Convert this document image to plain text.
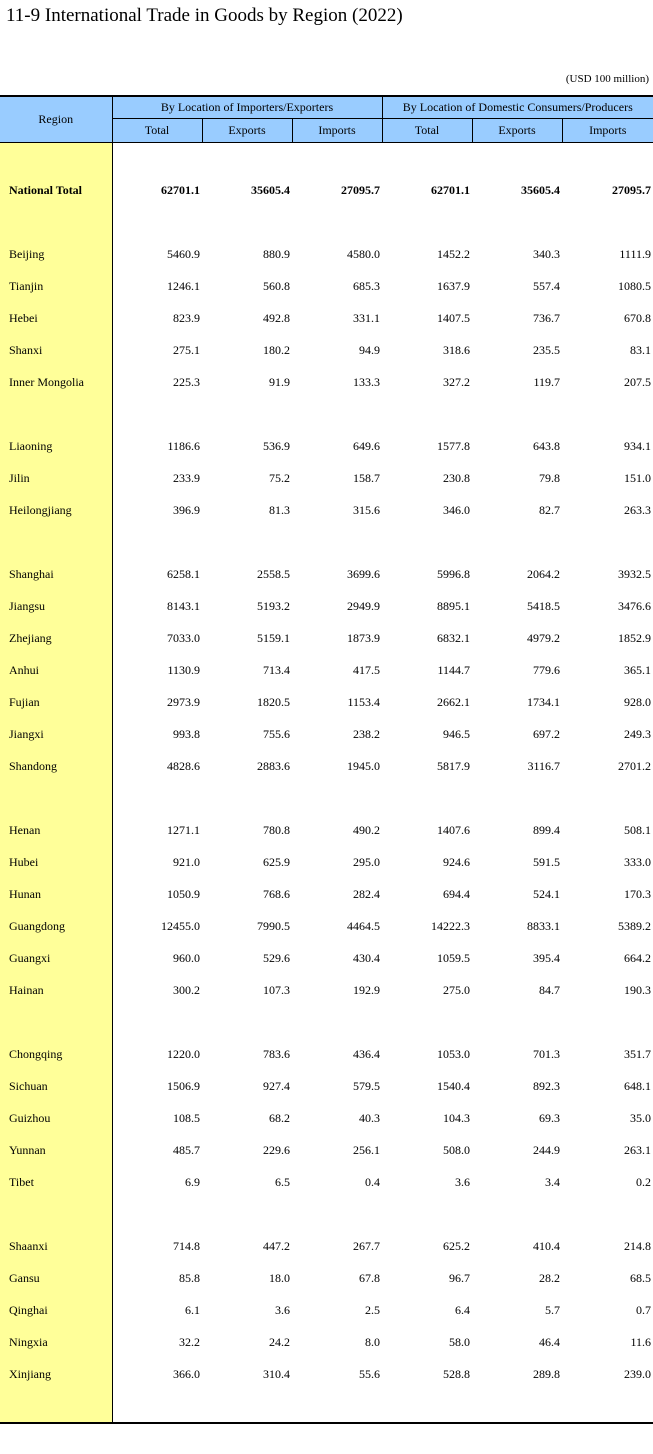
11-9 International Trade in Goods by Region (2022)
(USD 100 million)
Region	By Location of Importers/Exporters			By Location of Domestic Consumers/Producers		
	Total	Exports	Imports	Total	Exports	Imports

National Total	62701.1	35605.4	27095.7	62701.1	35605.4	27095.7

Beijing	5460.9	880.9	4580.0	1452.2	340.3	1111.9
Tianjin	1246.1	560.8	685.3	1637.9	557.4	1080.5
Hebei	823.9	492.8	331.1	1407.5	736.7	670.8
Shanxi	275.1	180.2	94.9	318.6	235.5	83.1
Inner Mongolia	225.3	91.9	133.3	327.2	119.7	207.5

Liaoning	1186.6	536.9	649.6	1577.8	643.8	934.1
Jilin	233.9	75.2	158.7	230.8	79.8	151.0
Heilongjiang	396.9	81.3	315.6	346.0	82.7	263.3

Shanghai	6258.1	2558.5	3699.6	5996.8	2064.2	3932.5
Jiangsu	8143.1	5193.2	2949.9	8895.1	5418.5	3476.6
Zhejiang	7033.0	5159.1	1873.9	6832.1	4979.2	1852.9
Anhui	1130.9	713.4	417.5	1144.7	779.6	365.1
Fujian	2973.9	1820.5	1153.4	2662.1	1734.1	928.0
Jiangxi	993.8	755.6	238.2	946.5	697.2	249.3
Shandong	4828.6	2883.6	1945.0	5817.9	3116.7	2701.2

Henan	1271.1	780.8	490.2	1407.6	899.4	508.1
Hubei	921.0	625.9	295.0	924.6	591.5	333.0
Hunan	1050.9	768.6	282.4	694.4	524.1	170.3
Guangdong	12455.0	7990.5	4464.5	14222.3	8833.1	5389.2
Guangxi	960.0	529.6	430.4	1059.5	395.4	664.2
Hainan	300.2	107.3	192.9	275.0	84.7	190.3

Chongqing	1220.0	783.6	436.4	1053.0	701.3	351.7
Sichuan	1506.9	927.4	579.5	1540.4	892.3	648.1
Guizhou	108.5	68.2	40.3	104.3	69.3	35.0
Yunnan	485.7	229.6	256.1	508.0	244.9	263.1
Tibet	6.9	6.5	0.4	3.6	3.4	0.2

Shaanxi	714.8	447.2	267.7	625.2	410.4	214.8
Gansu	85.8	18.0	67.8	96.7	28.2	68.5
Qinghai	6.1	3.6	2.5	6.4	5.7	0.7
Ningxia	32.2	24.2	8.0	58.0	46.4	11.6
Xinjiang	366.0	310.4	55.6	528.8	289.8	239.0
